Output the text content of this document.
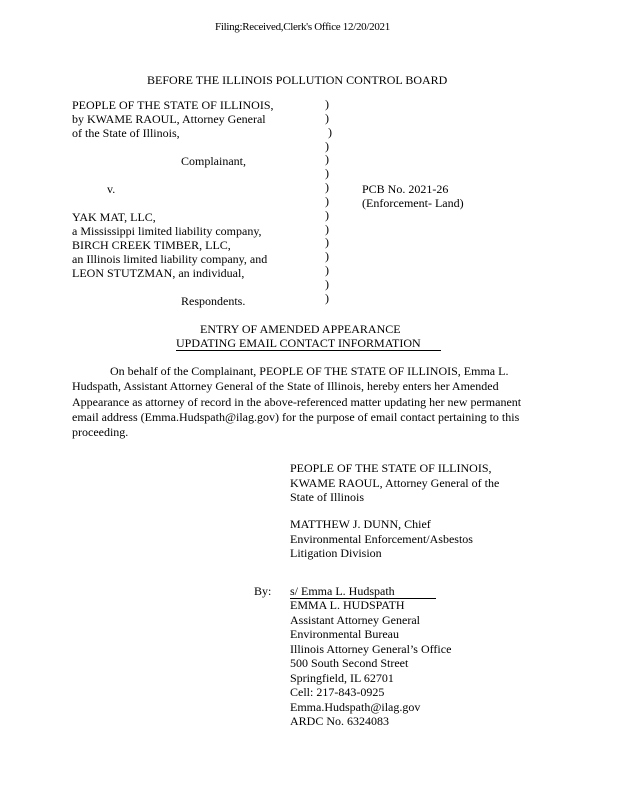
Filing:Received,Clerk's Office 12/20/2021
BEFORE THE ILLINOIS POLLUTION CONTROL BOARD
PEOPLE OF THE STATE OF ILLINOIS,
by KWAME RAOUL, Attorney General
of the State of Illinois,
Complainant,
v.
YAK MAT, LLC,
a Mississippi limited liability company,
BIRCH CREEK TIMBER, LLC,
an Illinois limited liability company, and
LEON STUTZMAN, an individual,
Respondents.
)
)
)
)
)
)
)
)
)
)
)
)
)
)
)
PCB No. 2021-26
(Enforcement- Land)
ENTRY OF AMENDED APPEARANCE
UPDATING EMAIL CONTACT INFORMATION
On behalf of the Complainant, PEOPLE OF THE STATE OF ILLINOIS, Emma L. Hudspath, Assistant Attorney General of the State of Illinois, hereby enters her Amended Appearance as attorney of record in the above-referenced matter updating her new permanent email address (Emma.Hudspath@ilag.gov) for the purpose of email contact pertaining to this proceeding.
PEOPLE OF THE STATE OF ILLINOIS,
KWAME RAOUL, Attorney General of the
State of Illinois
MATTHEW J. DUNN, Chief
Environmental Enforcement/Asbestos
Litigation Division
By: s/ Emma L. Hudspath
EMMA L. HUDSPATH
Assistant Attorney General
Environmental Bureau
Illinois Attorney General’s Office
500 South Second Street
Springfield, IL 62701
Cell: 217-843-0925
Emma.Hudspath@ilag.gov
ARDC No. 6324083
